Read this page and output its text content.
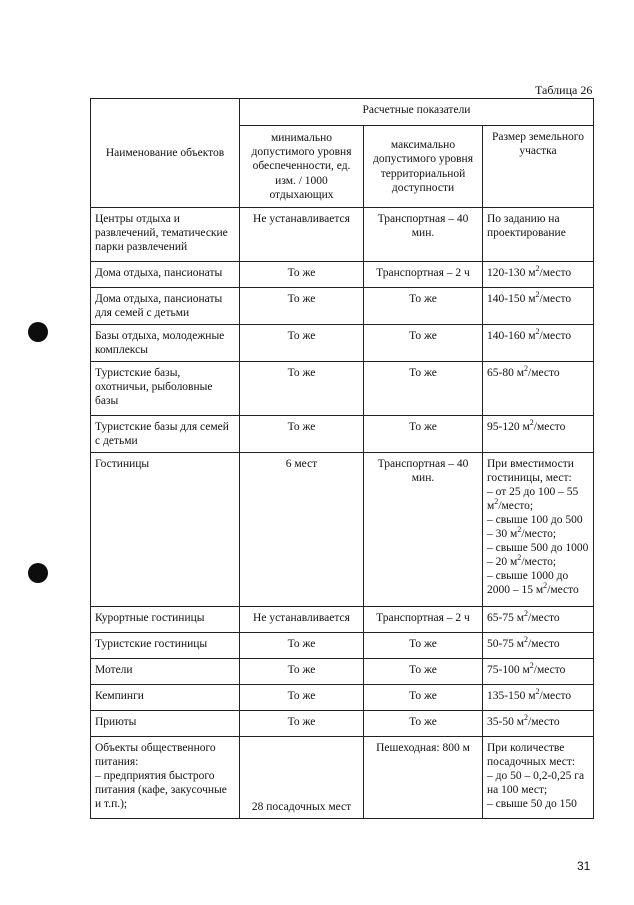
Таблица 26
Наименование объектов	Расчетные показатели		
	минимально допустимого уровня обеспеченности, ед. изм. / 1000 отдыхающих	максимально допустимого уровня территориальной доступности	Размер земельного участка
Центры отдыха и развлечений, тематические парки развлечений	Не устанавливается	Транспортная – 40 мин.	По заданию на проектирование
Дома отдыха, пансионаты	То же	Транспортная – 2 ч	120-130 $м^2$/место
Дома отдыха, пансионаты для семей с детьми	То же	То же	140-150 $м^2$/место
Базы отдыха, молодежные комплексы	То же	То же	140-160 $м^2$/место
Туристские базы, охотничьи, рыболовные базы	То же	То же	65-80 $м^2$/место
Туристские базы для семей с детьми	То же	То же	95-120 $м^2$/место
Гостиницы	6 мест	Транспортная – 40 мин.	При вместимости гостиницы, мест:
– от 25 до 100 – 55 $м^2$/место;
– свыше 100 до 500 – 30 $м^2$/место;
– свыше 500 до 1000 – 20 $м^2$/место;
– свыше 1000 до 2000 – 15 $м^2$/место
Курортные гостиницы	Не устанавливается	Транспортная – 2 ч	65-75 $м^2$/место
Туристские гостиницы	То же	То же	50-75 $м^2$/место
Мотели	То же	То же	75-100 $м^2$/место
Кемпинги	То же	То же	135-150 $м^2$/место
Приюты	То же	То же	35-50 $м^2$/место
Объекты общественного питания:
– предприятия быстрого питания (кафе, закусочные и т.п.);	28 посадочных мест	Пешеходная: 800 м	При количестве посадочных мест:
– до 50 – 0,2-0,25 га на 100 мест;
– свыше 50 до 150
31
